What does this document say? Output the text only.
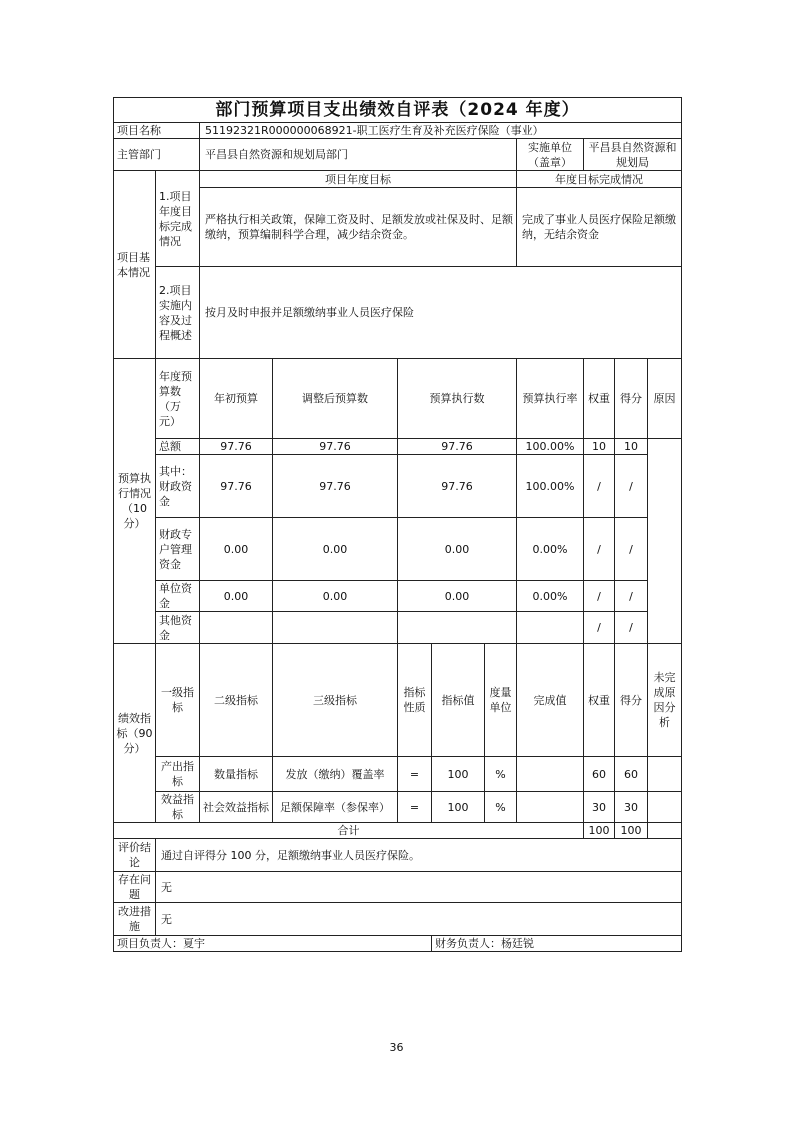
部门预算项目支出绩效自评表（2024 年度）										
项目名称		51192321R000000068921-职工医疗生育及补充医疗保险（事业）								
主管部门		平昌县自然资源和规划局部门					实施单位（盖章）	平昌县自然资源和规划局		
项目基本情况	1.项目年度目标完成情况	项目年度目标					年度目标完成情况			
		严格执行相关政策，保障工资及时、足额发放或社保及时、足额缴纳，预算编制科学合理，减少结余资金。					完成了事业人员医疗保险足额缴纳，无结余资金			
	2.项目实施内容及过程概述	按月及时申报并足额缴纳事业人员医疗保险								
预算执行情况（10分）	年度预算数（万元）	年初预算	调整后预算数	预算执行数			预算执行率	权重	得分	原因
	总额	97.76	97.76	97.76			100.00%	10	10	
	其中：财政资金	97.76	97.76	97.76			100.00%	/	/	
	财政专户管理资金	0.00	0.00	0.00			0.00%	/	/	
	单位资金	0.00	0.00	0.00			0.00%	/	/	
	其他资金							/	/	
绩效指标（90分）	一级指标	二级指标	三级指标	指标性质	指标值	度量单位	完成值	权重	得分	未完成原因分析
	产出指标	数量指标	发放（缴纳）覆盖率	=	100	%		60	60	
	效益指标	社会效益指标	足额保障率（参保率）	=	100	%		30	30	
合计								100	100	
评价结论	通过自评得分 100 分，足额缴纳事业人员医疗保险。									
存在问题	无									
改进措施	无									
项目负责人：夏宇					财务负责人：杨廷锐					
36
